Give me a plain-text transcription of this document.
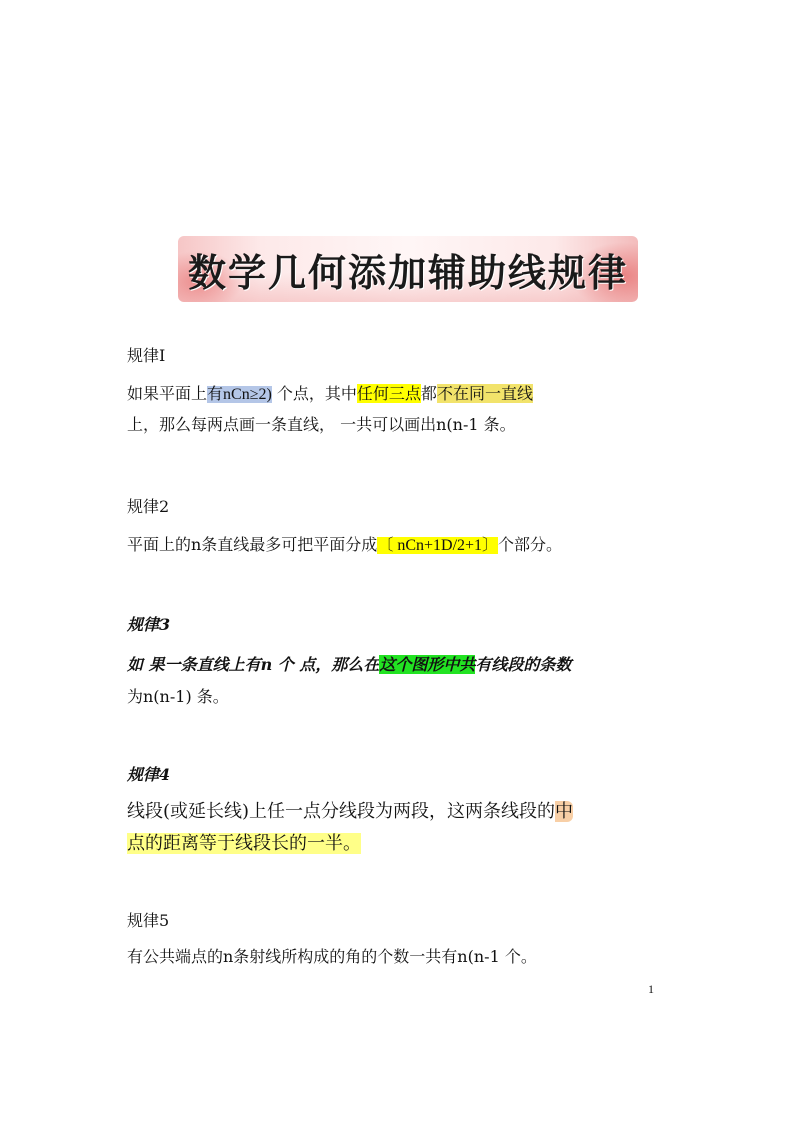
数学几何添加辅助线规律
规律I
如果平面上有nCn≥2) 个点，其中任何三点都不在同一直线
上，那么每两点画一条直线， 一共可以画出n(n-1 条。
规律2
平面上的n条直线最多可把平面分成〔 nCn+1D/2+1〕个部分。
规律3
如 果一条直线上有n 个 点，那么在这个图形中共有线段的条数
为n(n-1) 条。
规律4
线段(或延长线)上任一点分线段为两段，这两条线段的中
点的距离等于线段长的一半。
规律5
有公共端点的n条射线所构成的角的个数一共有n(n-1 个。
1
